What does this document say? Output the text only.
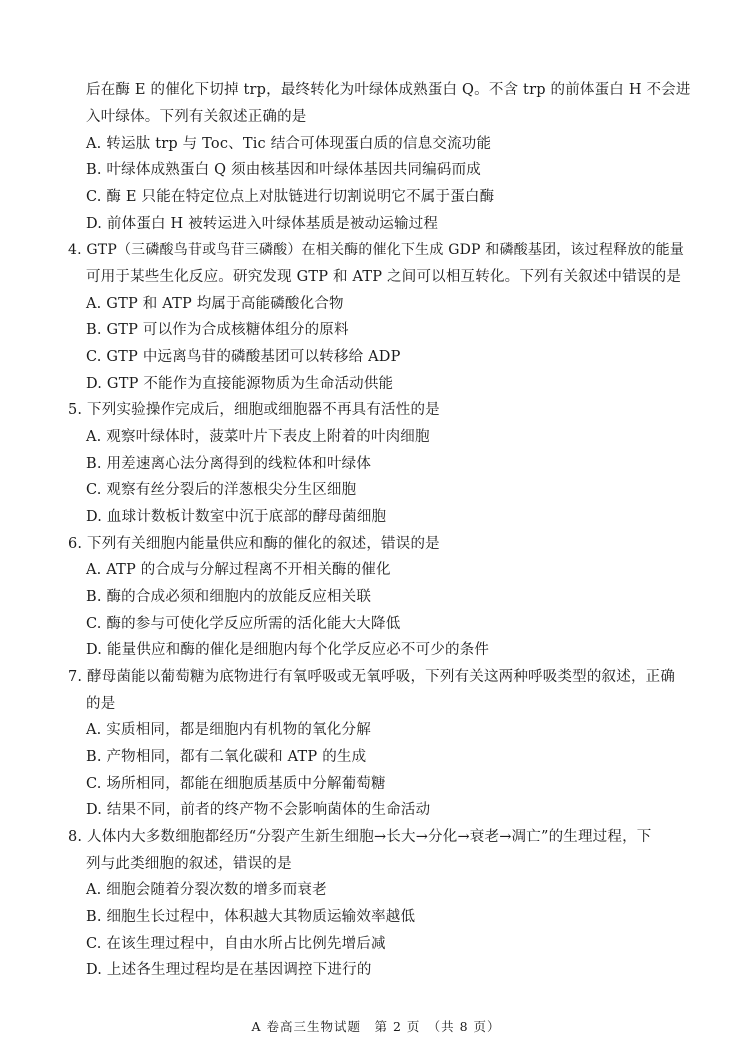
后在酶 E 的催化下切掉 trp，最终转化为叶绿体成熟蛋白 Q。不含 trp 的前体蛋白 H 不会进
入叶绿体。下列有关叙述正确的是
A. 转运肽 trp 与 Toc、Tic 结合可体现蛋白质的信息交流功能
B. 叶绿体成熟蛋白 Q 须由核基因和叶绿体基因共同编码而成
C. 酶 E 只能在特定位点上对肽链进行切割说明它不属于蛋白酶
D. 前体蛋白 H 被转运进入叶绿体基质是被动运输过程
4. GTP（三磷酸鸟苷或鸟苷三磷酸）在相关酶的催化下生成 GDP 和磷酸基团，该过程释放的能量
可用于某些生化反应。研究发现 GTP 和 ATP 之间可以相互转化。下列有关叙述中错误的是
A. GTP 和 ATP 均属于高能磷酸化合物
B. GTP 可以作为合成核糖体组分的原料
C. GTP 中远离鸟苷的磷酸基团可以转移给 ADP
D. GTP 不能作为直接能源物质为生命活动供能
5. 下列实验操作完成后，细胞或细胞器不再具有活性的是
A. 观察叶绿体时，菠菜叶片下表皮上附着的叶肉细胞
B. 用差速离心法分离得到的线粒体和叶绿体
C. 观察有丝分裂后的洋葱根尖分生区细胞
D. 血球计数板计数室中沉于底部的酵母菌细胞
6. 下列有关细胞内能量供应和酶的催化的叙述，错误的是
A. ATP 的合成与分解过程离不开相关酶的催化
B. 酶的合成必须和细胞内的放能反应相关联
C. 酶的参与可使化学反应所需的活化能大大降低
D. 能量供应和酶的催化是细胞内每个化学反应必不可少的条件
7. 酵母菌能以葡萄糖为底物进行有氧呼吸或无氧呼吸，下列有关这两种呼吸类型的叙述，正确
的是
A. 实质相同，都是细胞内有机物的氧化分解
B. 产物相同，都有二氧化碳和 ATP 的生成
C. 场所相同，都能在细胞质基质中分解葡萄糖
D. 结果不同，前者的终产物不会影响菌体的生命活动
8. 人体内大多数细胞都经历“分裂产生新生细胞→长大→分化→衰老→凋亡”的生理过程，下
列与此类细胞的叙述，错误的是
A. 细胞会随着分裂次数的增多而衰老
B. 细胞生长过程中，体积越大其物质运输效率越低
C. 在该生理过程中，自由水所占比例先增后减
D. 上述各生理过程均是在基因调控下进行的
A 卷高三生物试题　第 2 页　（共 8 页）
